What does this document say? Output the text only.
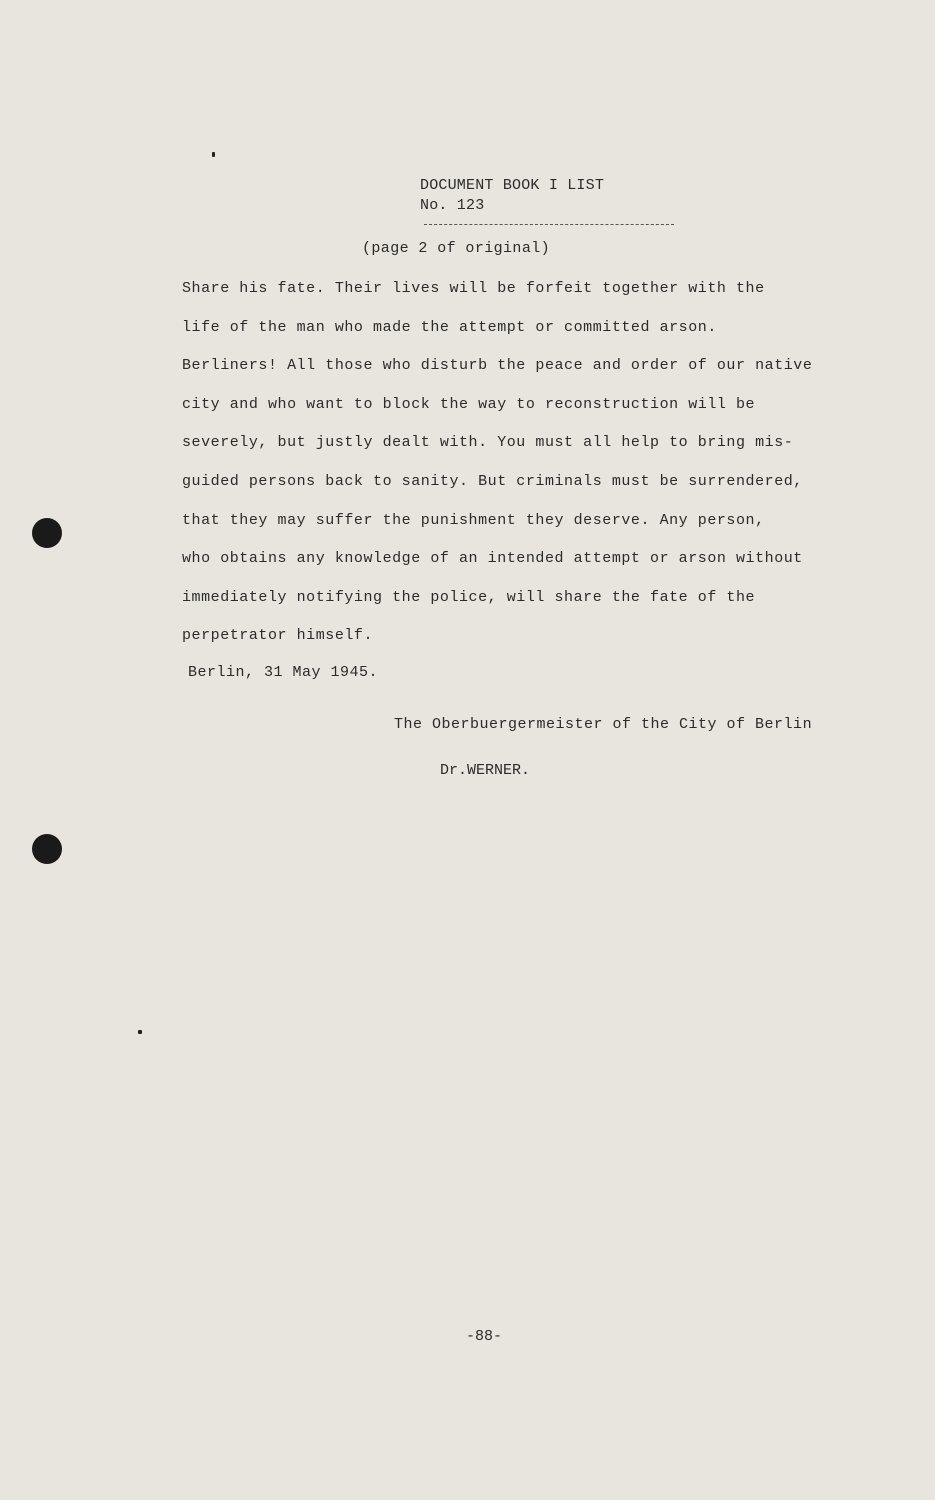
DOCUMENT BOOK I LIST
No. 123
(page 2 of original)
Share his fate. Their lives will be forfeit together with the
life of the man who made the attempt or committed arson.
Berliners! All those who disturb the peace and order of our native
city and who want to block the way to reconstruction will be
severely, but justly dealt with. You must all help to bring mis-
guided persons back to sanity. But criminals must be surrendered,
that they may suffer the punishment they deserve. Any person,
who obtains any knowledge of an intended attempt or arson without
immediately notifying the police, will share the fate of the
perpetrator himself.
Berlin, 31 May 1945.
The Oberbuergermeister of the City of Berlin
Dr.WERNER.
-88-
